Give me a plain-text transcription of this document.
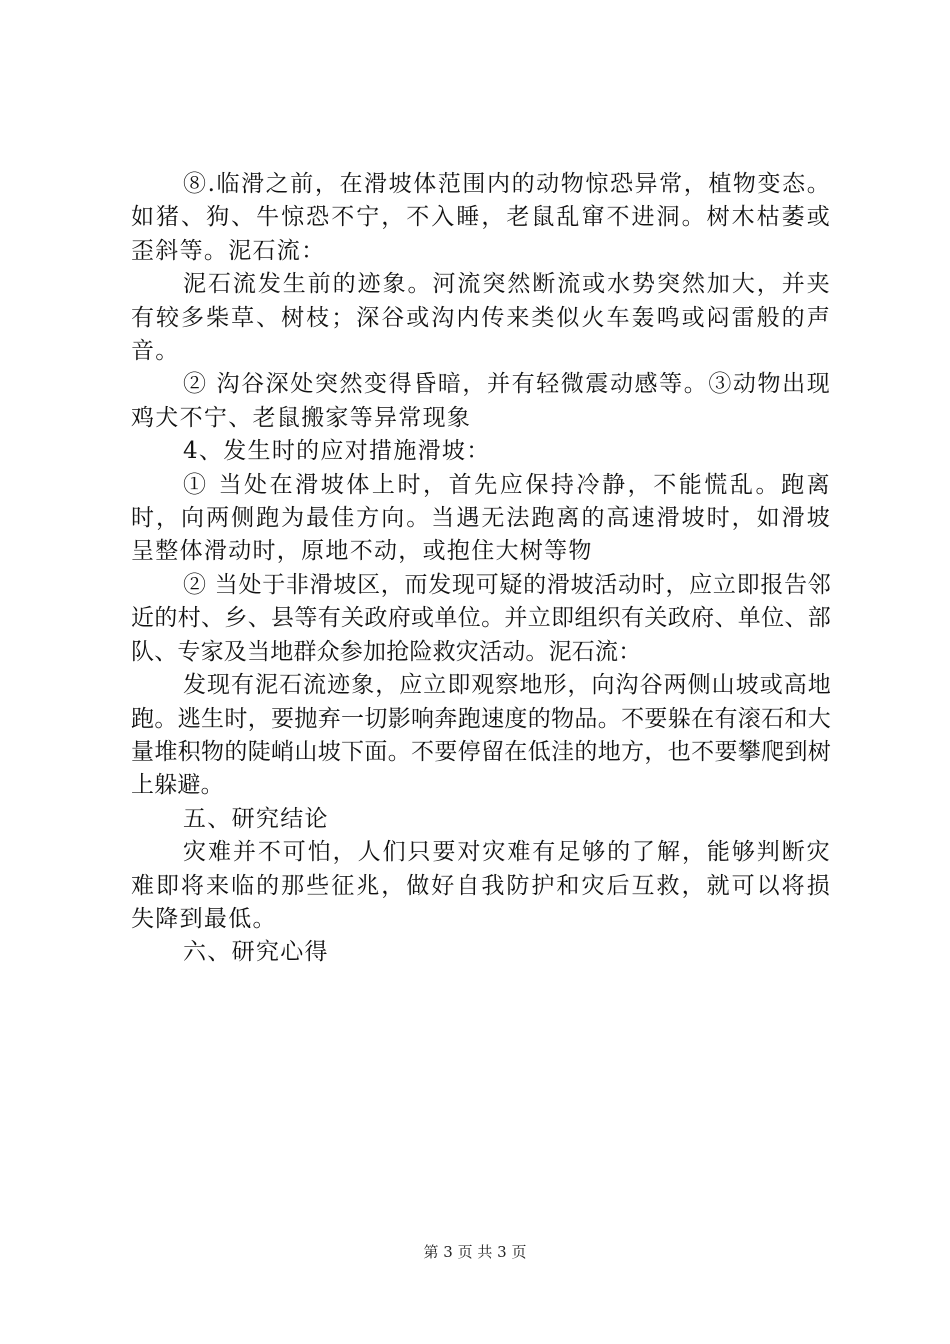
⑧.临滑之前，在滑坡体范围内的动物惊恐异常，植物变态。如猪、狗、牛惊恐不宁，不入睡，老鼠乱窜不进洞。树木枯萎或歪斜等。泥石流：

泥石流发生前的迹象。河流突然断流或水势突然加大，并夹有较多柴草、树枝；深谷或沟内传来类似火车轰鸣或闷雷般的声音。

② 沟谷深处突然变得昏暗，并有轻微震动感等。③动物出现鸡犬不宁、老鼠搬家等异常现象

4、发生时的应对措施滑坡：

① 当处在滑坡体上时，首先应保持冷静，不能慌乱。跑离时，向两侧跑为最佳方向。当遇无法跑离的高速滑坡时，如滑坡呈整体滑动时，原地不动，或抱住大树等物

② 当处于非滑坡区，而发现可疑的滑坡活动时，应立即报告邻近的村、乡、县等有关政府或单位。并立即组织有关政府、单位、部队、专家及当地群众参加抢险救灾活动。泥石流：

发现有泥石流迹象，应立即观察地形，向沟谷两侧山坡或高地跑。逃生时，要抛弃一切影响奔跑速度的物品。不要躲在有滚石和大量堆积物的陡峭山坡下面。不要停留在低洼的地方，也不要攀爬到树上躲避。

五、研究结论

灾难并不可怕，人们只要对灾难有足够的了解，能够判断灾难即将来临的那些征兆，做好自我防护和灾后互救，就可以将损失降到最低。

六、研究心得

第 3 页 共 3 页
